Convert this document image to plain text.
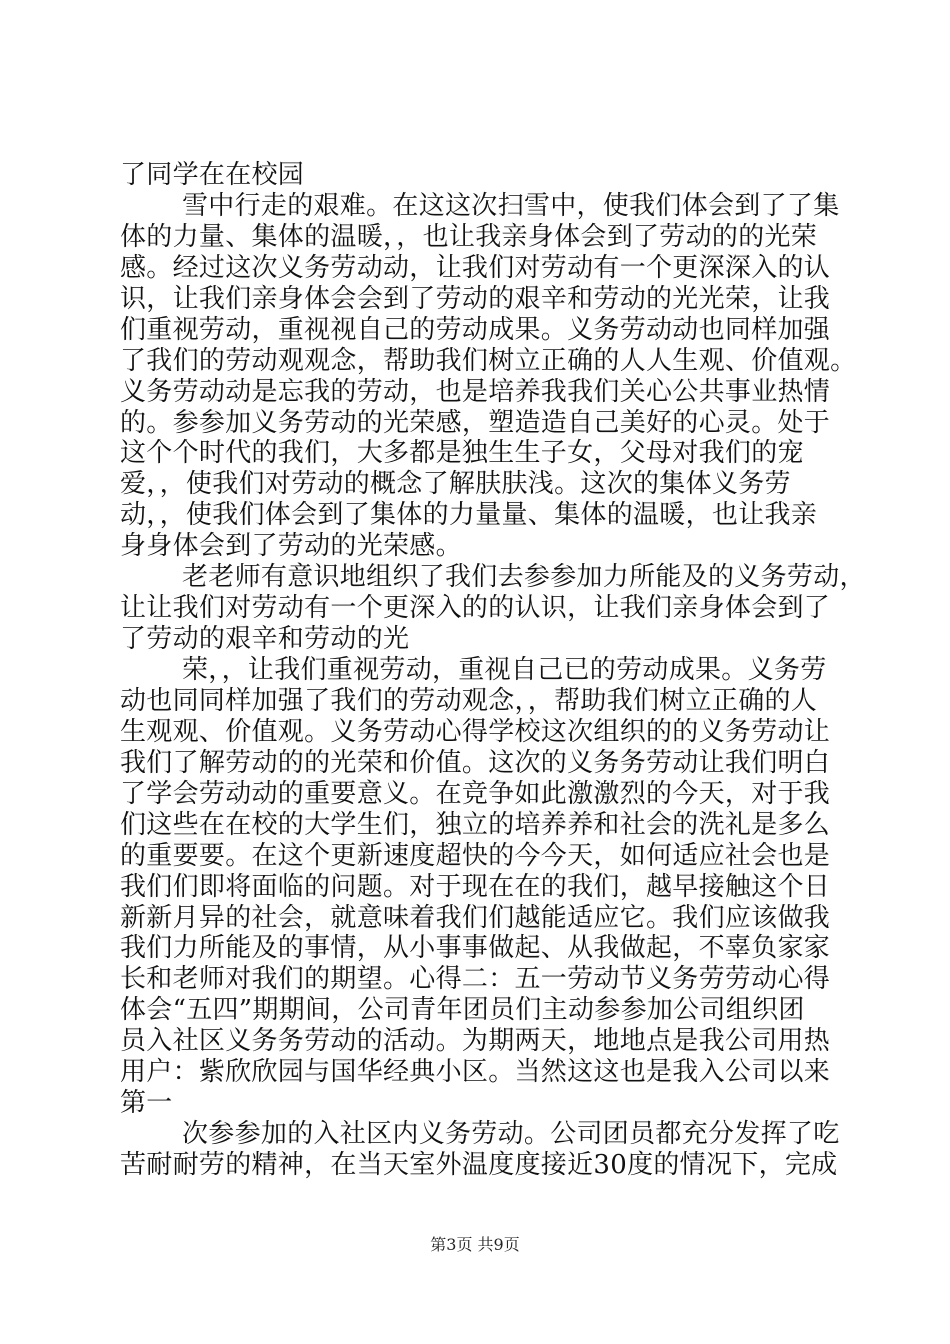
了同学在在校园
雪中行走的艰难。在这这次扫雪中，使我们体会到了了集
体的力量、集体的温暖，，也让我亲身体会到了劳动的的光荣
感。经过这次义务劳动动，让我们对劳动有一个更深深入的认
识，让我们亲身体会会到了劳动的艰辛和劳动的光光荣，让我
们重视劳动，重视视自己的劳动成果。义务劳动动也同样加强
了我们的劳动观观念，帮助我们树立正确的人人生观、价值观。
义务劳动动是忘我的劳动，也是培养我我们关心公共事业热情
的。参参加义务劳动的光荣感，塑造造自己美好的心灵。处于
这个个时代的我们，大多都是独生生子女，父母对我们的宠
爱，，使我们对劳动的概念了解肤肤浅。这次的集体义务劳
动，，使我们体会到了集体的力量量、集体的温暖，也让我亲
身身体会到了劳动的光荣感。
老老师有意识地组织了我们去参参加力所能及的义务劳动，
让让我们对劳动有一个更深入的的认识，让我们亲身体会到了
了劳动的艰辛和劳动的光
荣，，让我们重视劳动，重视自己已的劳动成果。义务劳
动也同同样加强了我们的劳动观念，，帮助我们树立正确的人
生观观、价值观。义务劳动心得学校这次组织的的义务劳动让
我们了解劳动的的光荣和价值。这次的义务务劳动让我们明白
了学会劳动动的重要意义。在竞争如此激激烈的今天，对于我
们这些在在校的大学生们，独立的培养养和社会的洗礼是多么
的重要要。在这个更新速度超快的今今天，如何适应社会也是
我们们即将面临的问题。对于现在在的我们，越早接触这个日
新新月异的社会，就意味着我们们越能适应它。我们应该做我
我们力所能及的事情，从小事事做起、从我做起，不辜负家家
长和老师对我们的期望。心得二：五一劳动节义务劳劳动心得
体会“五四”期期间，公司青年团员们主动参参加公司组织团
员入社区义务务劳动的活动。为期两天，地地点是我公司用热
用户：紫欣欣园与国华经典小区。当然这这也是我入公司以来
第一
次参参加的入社区内义务劳动。公司团员都充分发挥了吃
苦耐耐劳的精神，在当天室外温度度接近30度的情况下，完成
第3页 共9页
